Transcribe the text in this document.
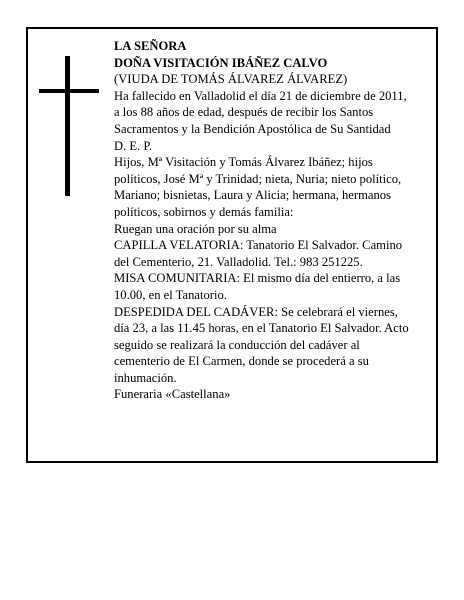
LA SEÑORA
DOÑA VISITACIÓN IBÁÑEZ CALVO
(VIUDA DE TOMÁS ÁLVAREZ ÁLVAREZ)
Ha fallecido en Valladolid el día 21 de diciembre de 2011, a los 88 años de edad, después de recibir los Santos Sacramentos y la Bendición Apostólica de Su Santidad
D. E. P.
Hijos, Mª Visitación y Tomás Álvarez Ibáñez; hijos políticos, José Mª y Trinidad; nieta, Nuria; nieto político, Mariano; bisnietas, Laura y Alicia; hermana, hermanos políticos, sobirnos y demás familia:
Ruegan una oración por su alma
CAPILLA VELATORIA: Tanatorio El Salvador. Camino del Cementerio, 21. Valladolid. Tel.: 983 251225.
MISA COMUNITARIA: El mismo día del entierro, a las 10.00, en el Tanatorio.
DESPEDIDA DEL CADÁVER: Se celebrará el viernes, día 23, a las 11.45 horas, en el Tanatorio El Salvador. Acto seguido se realizará la conducción del cadáver al cementerio de El Carmen, donde se procederá a su inhumación.
Funeraria «Castellana»
